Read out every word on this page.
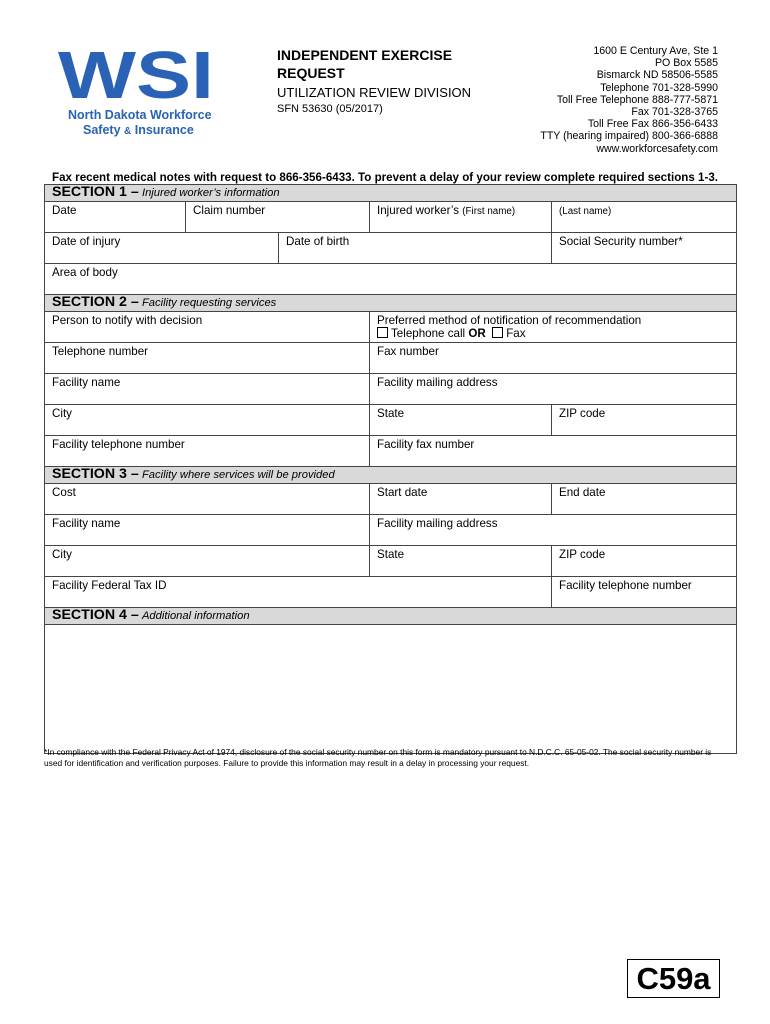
WSI
North Dakota Workforce
Safety & Insurance
INDEPENDENT EXERCISE
REQUEST
UTILIZATION REVIEW DIVISION
SFN 53630 (05/2017)
1600 E Century Ave, Ste 1
PO Box 5585
Bismarck ND 58506-5585
Telephone 701-328-5990
Toll Free Telephone 888-777-5871
Fax 701-328-3765
Toll Free Fax 866-356-6433
TTY (hearing impaired) 800-366-6888
www.workforcesafety.com
Fax recent medical notes with request to 866-356-6433. To prevent a delay of your review complete required sections 1-3.
SECTION 1 – Injured worker’s information				
Date	Claim number		Injured worker’s (First name)	(Last name)
Date of injury		Date of birth		Social Security number*
Area of body				
SECTION 2 – Facility requesting services				
Person to notify with decision			Preferred method of notification of recommendation
Telephone call OR Fax	

Telephone number			Fax number	
Facility name			Facility mailing address	
City			State	ZIP code
Facility telephone number			Facility fax number	
SECTION 3 – Facility where services will be provided				
Cost			Start date	End date
Facility name			Facility mailing address	
City			State	ZIP code
Facility Federal Tax ID				Facility telephone number
SECTION 4 – Additional information				

*In compliance with the Federal Privacy Act of 1974, disclosure of the social security number on this form is mandatory pursuant to N.D.C.C. 65-05-02. The social security number is used for identification and verification purposes. Failure to provide this information may result in a delay in processing your request.
C59a
